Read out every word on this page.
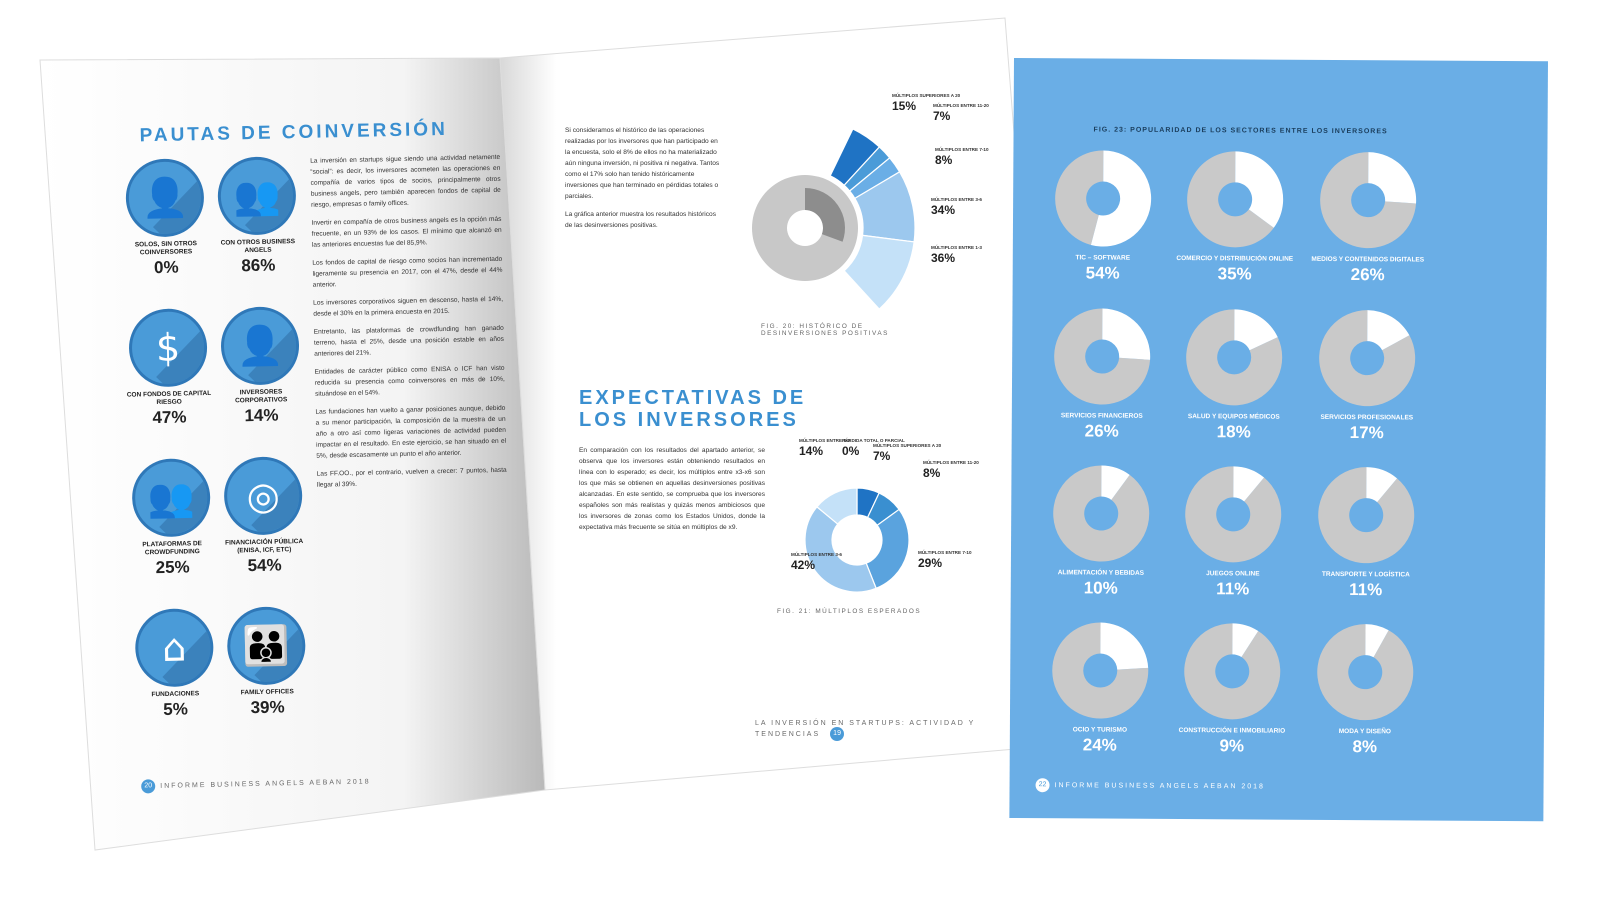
PAUTAS DE COINVERSIÓN
👤
SOLOS, SIN OTROS COINVERSORES
0%
👥
CON OTROS BUSINESS ANGELS
86%
$
CON FONDOS DE CAPITAL RIESGO
47%
👤
INVERSORES CORPORATIVOS
14%
👥
PLATAFORMAS DE CROWDFUNDING
25%
◎
FINANCIACIÓN PÚBLICA (ENISA, ICF, ETC)
54%
⌂
FUNDACIONES
5%
👪
FAMILY OFFICES
39%

La inversión en startups sigue siendo una actividad netamente “social”: es decir, los inversores acometen las operaciones en compañía de varios tipos de socios, principalmente otros business angels, pero también aparecen fondos de capital de riesgo, empresas o family offices.

Invertir en compañía de otros business angels es la opción más frecuente, en un 93% de los casos. El mínimo que alcanzó en las anteriores encuestas fue del 85,9%.

Los fondos de capital de riesgo como socios han incrementado ligeramente su presencia en 2017, con el 47%, desde el 44% anterior.

Los inversores corporativos siguen en descenso, hasta el 14%, desde el 30% en la primera encuesta en 2015.

Entretanto, las plataformas de crowdfunding han ganado terreno, hasta el 25%, desde una posición estable en años anteriores del 21%.

Entidades de carácter público como ENISA o ICF han visto reducida su presencia como coinversores en más de 10%, situándose en el 54%.

Las fundaciones han vuelto a ganar posiciones aunque, debido a su menor participación, la composición de la muestra de un año a otro así como ligeras variaciones de actividad pueden impactar en el resultado. En este ejercicio, se han situado en el 5%, desde escasamente un punto el año anterior.

Las FF.OO., por el contrario, vuelven a crecer: 7 puntos, hasta llegar al 39%.

20 INFORME BUSINESS ANGELS AEBAN 2018

Si consideramos el histórico de las operaciones realizadas por los inversores que han participado en la encuesta, solo el 8% de ellos no ha materializado aún ninguna inversión, ni positiva ni negativa. Tantos como el 17% solo han tenido históricamente inversiones que han terminado en pérdidas totales o parciales.

La gráfica anterior muestra los resultados históricos de las desinversiones positivas.

MÚLTIPLOS SUPERIORES A 20
15%	MÚLTIPLOS ENTRE 11-20
7%
MÚLTIPLOS ENTRE 7-10
8%
MÚLTIPLOS ENTRE 3-6
34%
MÚLTIPLOS ENTRE 1-3
36%
FIG. 20: HISTÓRICO DE DESINVERSIONES POSITIVAS
EXPECTATIVAS DE
LOS INVERSORES
En comparación con los resultados del apartado anterior, se observa que los inversores están obteniendo resultados en línea con lo esperado; es decir, los múltiplos entre x3-x6 son los que más se obtienen en aquellas desinversiones positivas alcanzadas. En este sentido, se comprueba que los inversores españoles son más realistas y quizás menos ambiciosos que los inversores de zonas como los Estados Unidos, donde la expectativa más frecuente se sitúa en múltiplos de x9.
MÚLTIPLOS SUPERIORES A 20
7%	MÚLTIPLOS ENTRE 11-20
8%
MÚLTIPLOS ENTRE 7-10
29%
MÚLTIPLOS ENTRE 3-6
42%
MÚLTIPLOS ENTRE 1-3
14%
PÉRDIDA TOTAL O PARCIAL
0%
FIG. 21: MÚLTIPLOS ESPERADOS
LA INVERSIÓN EN STARTUPS: ACTIVIDAD Y TENDENCIAS 19
FIG. 23: POPULARIDAD DE LOS SECTORES ENTRE LOS INVERSORES
TIC – SOFTWARE
54%
COMERCIO Y DISTRIBUCIÓN ONLINE
35%
MEDIOS Y CONTENIDOS DIGITALES
26%
SERVICIOS FINANCIEROS
26%
SALUD Y EQUIPOS MÉDICOS
18%
SERVICIOS PROFESIONALES
17%
ALIMENTACIÓN Y BEBIDAS
10%
JUEGOS ONLINE
11%
TRANSPORTE Y LOGÍSTICA
11%
OCIO Y TURISMO
24%
CONSTRUCCIÓN E INMOBILIARIO
9%
MODA Y DISEÑO
8%
22 INFORME BUSINESS ANGELS AEBAN 2018
